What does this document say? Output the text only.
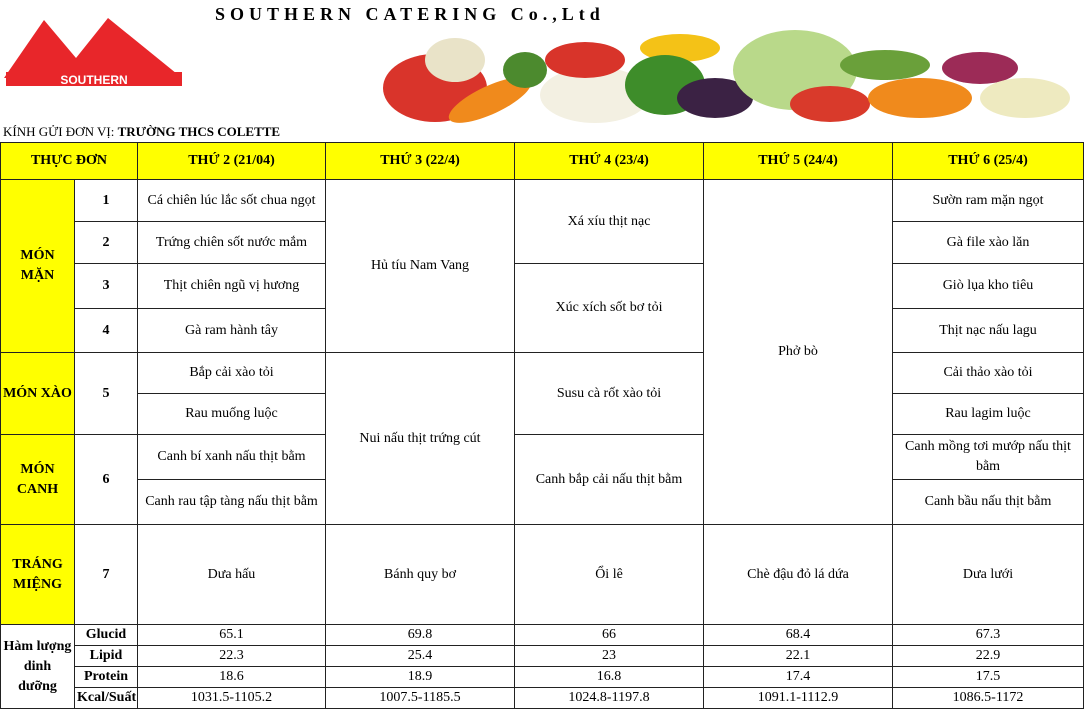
SOUTHERN
SOUTHERN CATERING Co.,Ltd
KÍNH GỬI ĐƠN VỊ: TRƯỜNG THCS COLETTE
THỰC ĐƠN		THỨ 2 (21/04)	THỨ 3 (22/4)	THỨ 4 (23/4)	THỨ 5 (24/4)	THỨ 6 (25/4)
MÓN MẶN	1	Cá chiên lúc lắc sốt chua ngọt	Hủ tíu Nam Vang	Xá xíu thịt nạc	Phở bò	Sườn ram mặn ngọt
	2	Trứng chiên sốt nước mắm				Gà file xào lăn
	3	Thịt chiên ngũ vị hương		Xúc xích sốt bơ tỏi		Giò lụa kho tiêu
	4	Gà ram hành tây				Thịt nạc nấu lagu
MÓN XÀO	5	Bắp cải xào tỏi	Nui nấu thịt trứng cút	Susu cà rốt xào tỏi		Cải thảo xào tỏi
		Rau muống luộc				Rau lagim luộc
MÓN CANH	6	Canh bí xanh nấu thịt bằm		Canh bắp cải nấu thịt bằm		Canh mồng tơi mướp nấu thịt bằm
		Canh rau tập tàng nấu thịt bằm				Canh bầu nấu thịt bằm
TRÁNG MIỆNG	7	Dưa hấu	Bánh quy bơ	Ổi lê	Chè đậu đỏ lá dứa	Dưa lưới
Hàm lượng dinh dưỡng	Glucid	65.1	69.8	66	68.4	67.3
	Lipid	22.3	25.4	23	22.1	22.9
	Protein	18.6	18.9	16.8	17.4	17.5
	Kcal/Suất	1031.5-1105.2	1007.5-1185.5	1024.8-1197.8	1091.1-1112.9	1086.5-1172
